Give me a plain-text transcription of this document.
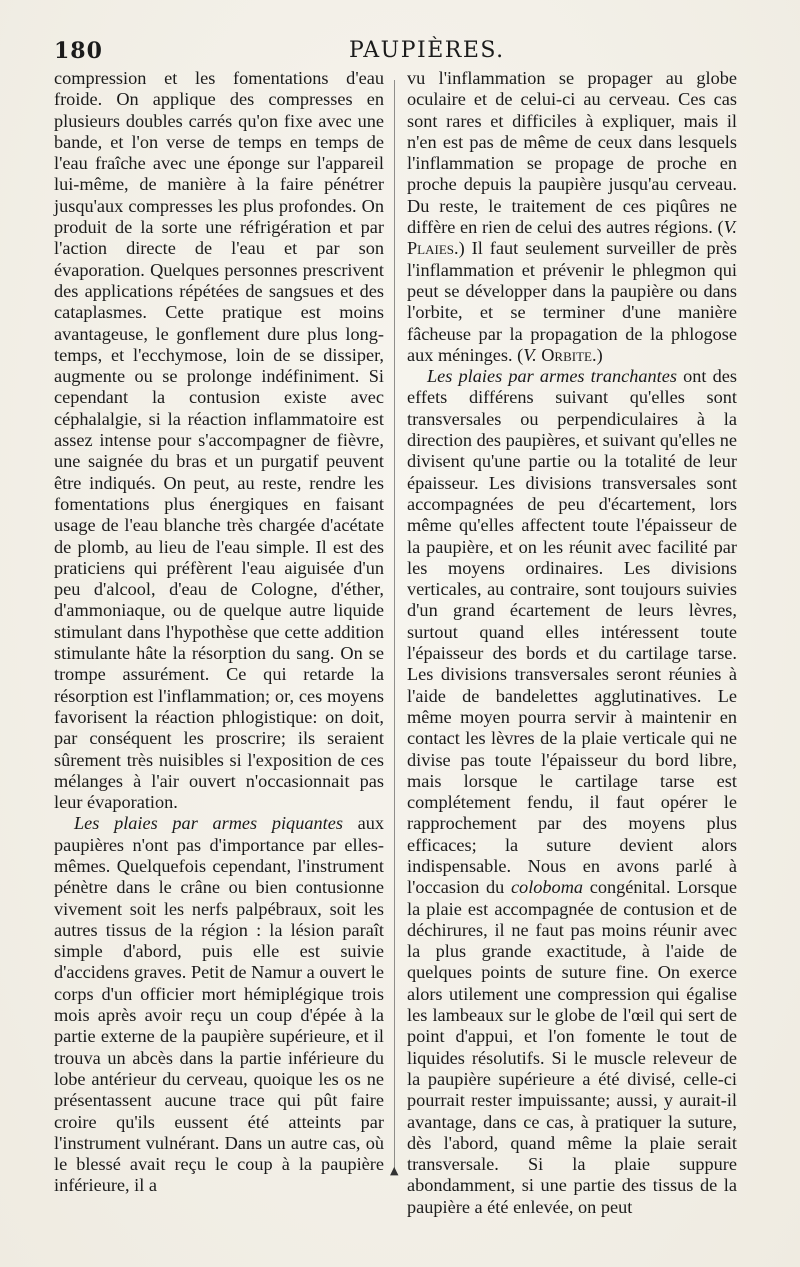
180	PAUPIÈRES.

compression et les fomentations d'eau froide. On applique des compresses en plusieurs doubles carrés qu'on fixe avec une bande, et l'on verse de temps en temps de l'eau fraîche avec une éponge sur l'appareil lui-même, de manière à la faire pénétrer jusqu'aux compresses les plus profondes. On produit de la sorte une réfrigération et par l'action directe de l'eau et par son évaporation. Quelques personnes prescrivent des applications répétées de sangsues et des cataplasmes. Cette pratique est moins avantageuse, le gonflement dure plus long-temps, et l'ecchymose, loin de se dissiper, augmente ou se prolonge indéfiniment. Si cependant la contusion existe avec céphalalgie, si la réaction inflammatoire est assez intense pour s'accompagner de fièvre, une saignée du bras et un purgatif peuvent être indiqués. On peut, au reste, rendre les fomentations plus énergiques en faisant usage de l'eau blanche très chargée d'acétate de plomb, au lieu de l'eau simple. Il est des praticiens qui préfèrent l'eau aiguisée d'un peu d'alcool, d'eau de Cologne, d'éther, d'ammoniaque, ou de quelque autre liquide stimulant dans l'hypothèse que cette addition stimulante hâte la résorption du sang. On se trompe assurément. Ce qui retarde la résorption est l'inflammation; or, ces moyens favorisent la réaction phlogistique: on doit, par conséquent les proscrire; ils seraient sûrement très nuisibles si l'exposition de ces mélanges à l'air ouvert n'occasionnait pas leur évaporation.

Les plaies par armes piquantes aux paupières n'ont pas d'importance par elles-mêmes. Quelquefois cependant, l'instrument pénètre dans le crâne ou bien contusionne vivement soit les nerfs palpébraux, soit les autres tissus de la région : la lésion paraît simple d'abord, puis elle est suivie d'accidens graves. Petit de Namur a ouvert le corps d'un officier mort hémiplégique trois mois après avoir reçu un coup d'épée à la partie externe de la paupière supérieure, et il trouva un abcès dans la partie inférieure du lobe antérieur du cerveau, quoique les os ne présentassent aucune trace qui pût faire croire qu'ils eussent été atteints par l'instrument vulnérant. Dans un autre cas, où le blessé avait reçu le coup à la paupière inférieure, il a

▲

vu l'inflammation se propager au globe oculaire et de celui-ci au cerveau. Ces cas sont rares et difficiles à expliquer, mais il n'en est pas de même de ceux dans lesquels l'inflammation se propage de proche en proche depuis la paupière jusqu'au cerveau. Du reste, le traitement de ces piqûres ne diffère en rien de celui des autres régions. (V. Plaies.) Il faut seulement surveiller de près l'inflammation et prévenir le phlegmon qui peut se développer dans la paupière ou dans l'orbite, et se terminer d'une manière fâcheuse par la propagation de la phlogose aux méninges. (V. Orbite.)

Les plaies par armes tranchantes ont des effets différens suivant qu'elles sont transversales ou perpendiculaires à la direction des paupières, et suivant qu'elles ne divisent qu'une partie ou la totalité de leur épaisseur. Les divisions transversales sont accompagnées de peu d'écartement, lors même qu'elles affectent toute l'épaisseur de la paupière, et on les réunit avec facilité par les moyens ordinaires. Les divisions verticales, au contraire, sont toujours suivies d'un grand écartement de leurs lèvres, surtout quand elles intéressent toute l'épaisseur des bords et du cartilage tarse. Les divisions transversales seront réunies à l'aide de bandelettes agglutinatives. Le même moyen pourra servir à maintenir en contact les lèvres de la plaie verticale qui ne divise pas toute l'épaisseur du bord libre, mais lorsque le cartilage tarse est complétement fendu, il faut opérer le rapprochement par des moyens plus efficaces; la suture devient alors indispensable. Nous en avons parlé à l'occasion du coloboma congénital. Lorsque la plaie est accompagnée de contusion et de déchirures, il ne faut pas moins réunir avec la plus grande exactitude, à l'aide de quelques points de suture fine. On exerce alors utilement une compression qui égalise les lambeaux sur le globe de l'œil qui sert de point d'appui, et l'on fomente le tout de liquides résolutifs. Si le muscle releveur de la paupière supérieure a été divisé, celle-ci pourrait rester impuissante; aussi, y aurait-il avantage, dans ce cas, à pratiquer la suture, dès l'abord, quand même la plaie serait transversale. Si la plaie suppure abondamment, si une partie des tissus de la paupière a été enlevée, on peut
